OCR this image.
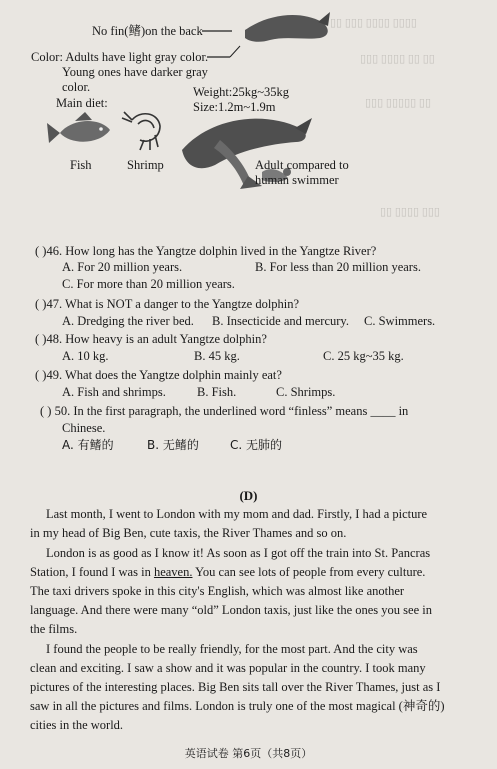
▯▯ ▯▯▯ ▯▯▯▯ ▯▯▯▯
▯▯▯ ▯▯▯▯ ▯▯ ▯▯
▯▯▯ ▯▯▯▯▯ ▯▯
▯▯ ▯▯▯▯ ▯▯▯
No fin(鳍)on the back
Color: Adults have light gray color.
Young ones have darker gray
color.
Main diet:
Weight:25kg~35kg
Size:1.2m~1.9m
Fish	Shrimp	Adult compared to
human swimmer
( )46. How long has the Yangtze dolphin lived in the Yangtze River?
A. For 20 million years.	B. For less than 20 million years.
C. For more than 20 million years.
( )47. What is NOT a danger to the Yangtze dolphin?
A. Dredging the river bed. B. Insecticide and mercury. C. Swimmers.
( )48. How heavy is an adult Yangtze dolphin?
A. 10 kg.	B. 45 kg.	C. 25 kg~35 kg.
( )49. What does the Yangtze dolphin mainly eat?
A. Fish and shrimps. B. Fish.	C. Shrimps.
( ) 50. In the first paragraph, the underlined word “finless” means ____ in
Chinese.
A. 有鳍的	B. 无鳍的	C. 无肺的
(D)
Last month, I went to London with my mom and dad. Firstly, I had a picture
in my head of Big Ben, cute taxis, the River Thames and so on.
London is as good as I know it! As soon as I got off the train into St. Pancras
Station, I found I was in heaven. You can see lots of people from every culture.
The taxi drivers spoke in this city's English, which was almost like another
language. And there were many “old” London taxis, just like the ones you see in
the films.
I found the people to be really friendly, for the most part. And the city was
clean and exciting. I saw a show and it was popular in the country. I took many
pictures of the interesting places. Big Ben sits tall over the River Thames, just as I
saw in all the pictures and films. London is truly one of the most magical (神奇的)
cities in the world.
英语试卷 第6页（共8页）
